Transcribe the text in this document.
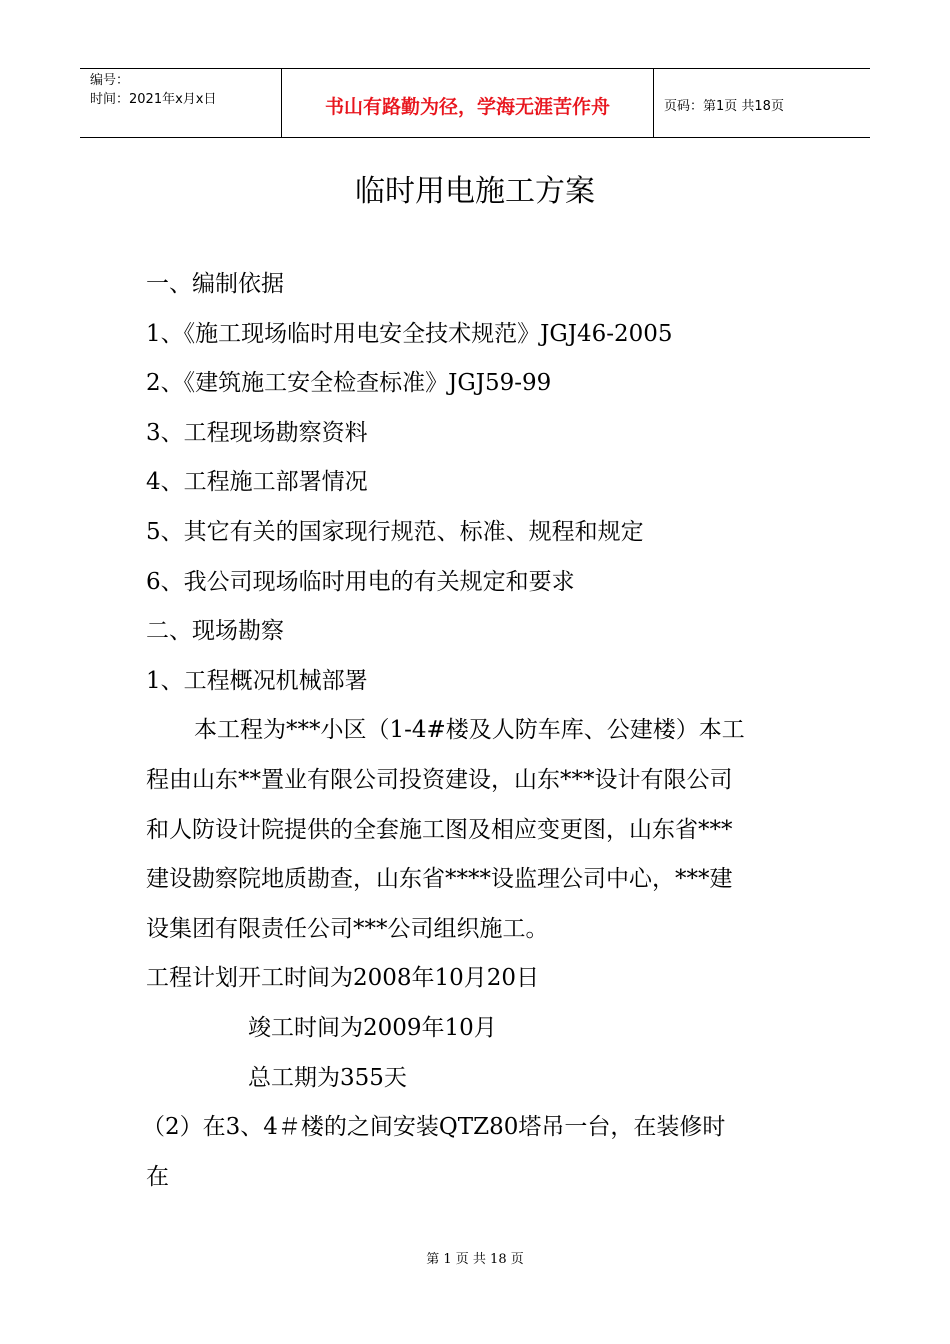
编号：
时间：2021年x月x日	书山有路勤为径，学海无涯苦作舟	页码：第1页 共18页
临时用电施工方案
一、编制依据
1、《施工现场临时用电安全技术规范》JGJ46-2005
2、《建筑施工安全检查标准》JGJ59-99
3、工程现场勘察资料
4、工程施工部署情况
5、其它有关的国家现行规范、标准、规程和规定
6、我公司现场临时用电的有关规定和要求
二、现场勘察
1、工程概况机械部署
本工程为***小区（1-4#楼及人防车库、公建楼）本工
程由山东**置业有限公司投资建设，山东***设计有限公司
和人防设计院提供的全套施工图及相应变更图，山东省***
建设勘察院地质勘查，山东省****设监理公司中心，***建
设集团有限责任公司***公司组织施工。
工程计划开工时间为2008年10月20日
竣工时间为2009年10月
总工期为355天
（2）在3、4＃楼的之间安装QTZ80塔吊一台，在装修时
在
第 1 页 共 18 页
